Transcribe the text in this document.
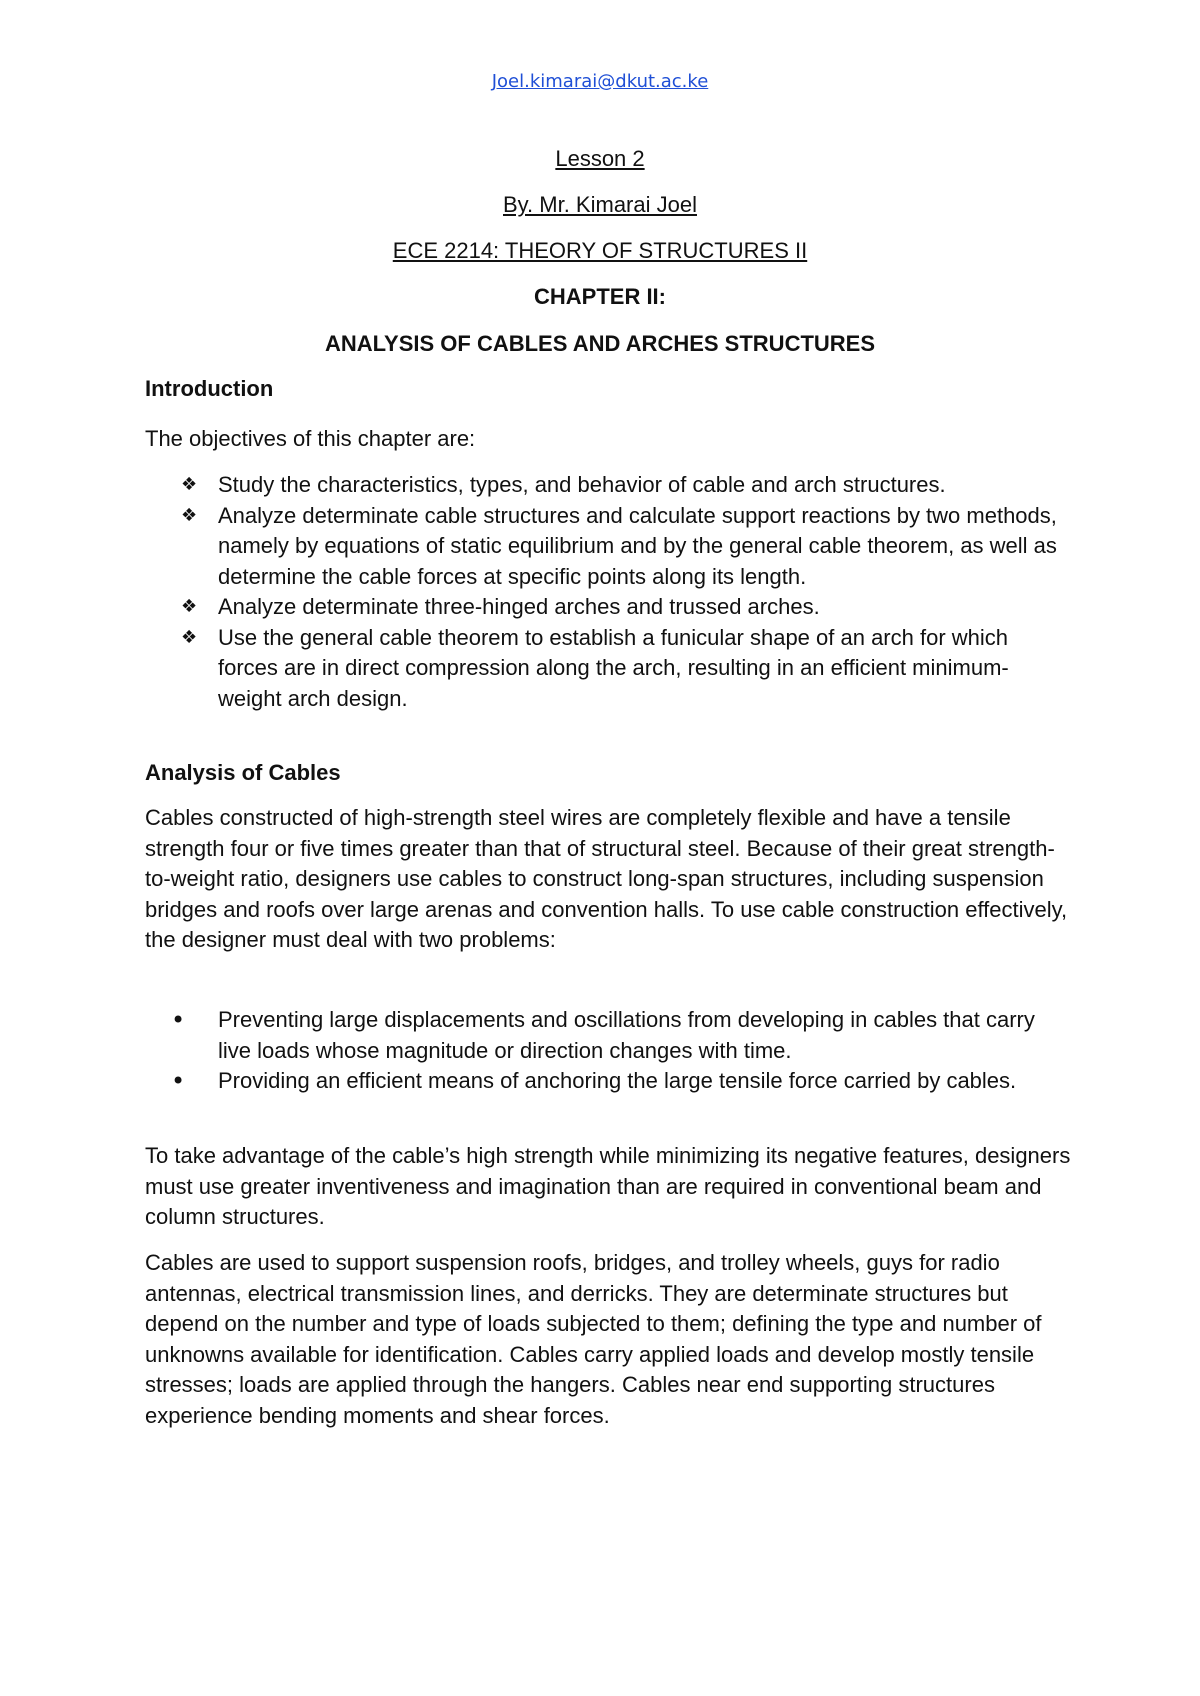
Joel.kimarai@dkut.ac.ke
Lesson 2
By. Mr. Kimarai Joel
ECE 2214: THEORY OF STRUCTURES II
CHAPTER II:
ANALYSIS OF CABLES AND ARCHES STRUCTURES
Introduction
The objectives of this chapter are:
❖ Study the characteristics, types, and behavior of cable and arch structures.
❖ Analyze determinate cable structures and calculate support reactions by two methods, namely by equations of static equilibrium and by the general cable theorem, as well as determine the cable forces at specific points along its length.
❖ Analyze determinate three-hinged arches and trussed arches.
❖ Use the general cable theorem to establish a funicular shape of an arch for which forces are in direct compression along the arch, resulting in an efficient minimum-weight arch design.
Analysis of Cables
Cables constructed of high-strength steel wires are completely flexible and have a tensile strength four or five times greater than that of structural steel. Because of their great strength-to-weight ratio, designers use cables to construct long-span structures, including suspension bridges and roofs over large arenas and convention halls. To use cable construction effectively, the designer must deal with two problems:
• Preventing large displacements and oscillations from developing in cables that carry live loads whose magnitude or direction changes with time.
• Providing an efficient means of anchoring the large tensile force carried by cables.
To take advantage of the cable’s high strength while minimizing its negative features, designers must use greater inventiveness and imagination than are required in conventional beam and column structures.
Cables are used to support suspension roofs, bridges, and trolley wheels, guys for radio antennas, electrical transmission lines, and derricks. They are determinate structures but depend on the number and type of loads subjected to them; defining the type and number of unknowns available for identification. Cables carry applied loads and develop mostly tensile stresses; loads are applied through the hangers. Cables near end supporting structures experience bending moments and shear forces.
